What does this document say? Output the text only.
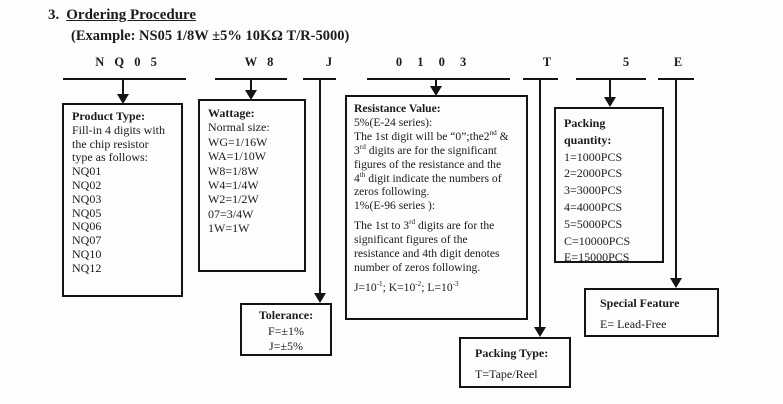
3. Ordering Procedure
(Example: NS05 1/8W ±5% 10KΩ T/R-5000)
N Q 0 5	W 8	J	0 1 0 3	T	5	E
Product Type:
Fill-in 4 digits with
the chip resistor
type as follows:
NQ01
NQ02
NQ03
NQ05
NQ06
NQ07
NQ10
NQ12
Wattage:
Normal size:
WG=1/16W
WA=1/10W
W8=1/8W
W4=1/4W
W2=1/2W
07=3/4W
1W=1W
Tolerance:
F=±1%
J=±5%
Resistance Value:
5%(E-24 series):
The 1st digit will be “0”;the2nd &
3rd digits are for the significant
figures of the resistance and the
4th digit indicate the numbers of
zeros following.
1%(E-96 series ):
The 1st to 3rd digits are for the
significant figures of the
resistance and 4th digit denotes
number of zeros following.
$J=10^{-1}$; $K=10^{-2}$; $L=10^{-3}$
Packing
quantity:
1=1000PCS
2=2000PCS
3=3000PCS
4=4000PCS
5=5000PCS
C=10000PCS
E=15000PCS
Packing Type:
T=Tape/Reel
Special Feature
E= Lead-Free
